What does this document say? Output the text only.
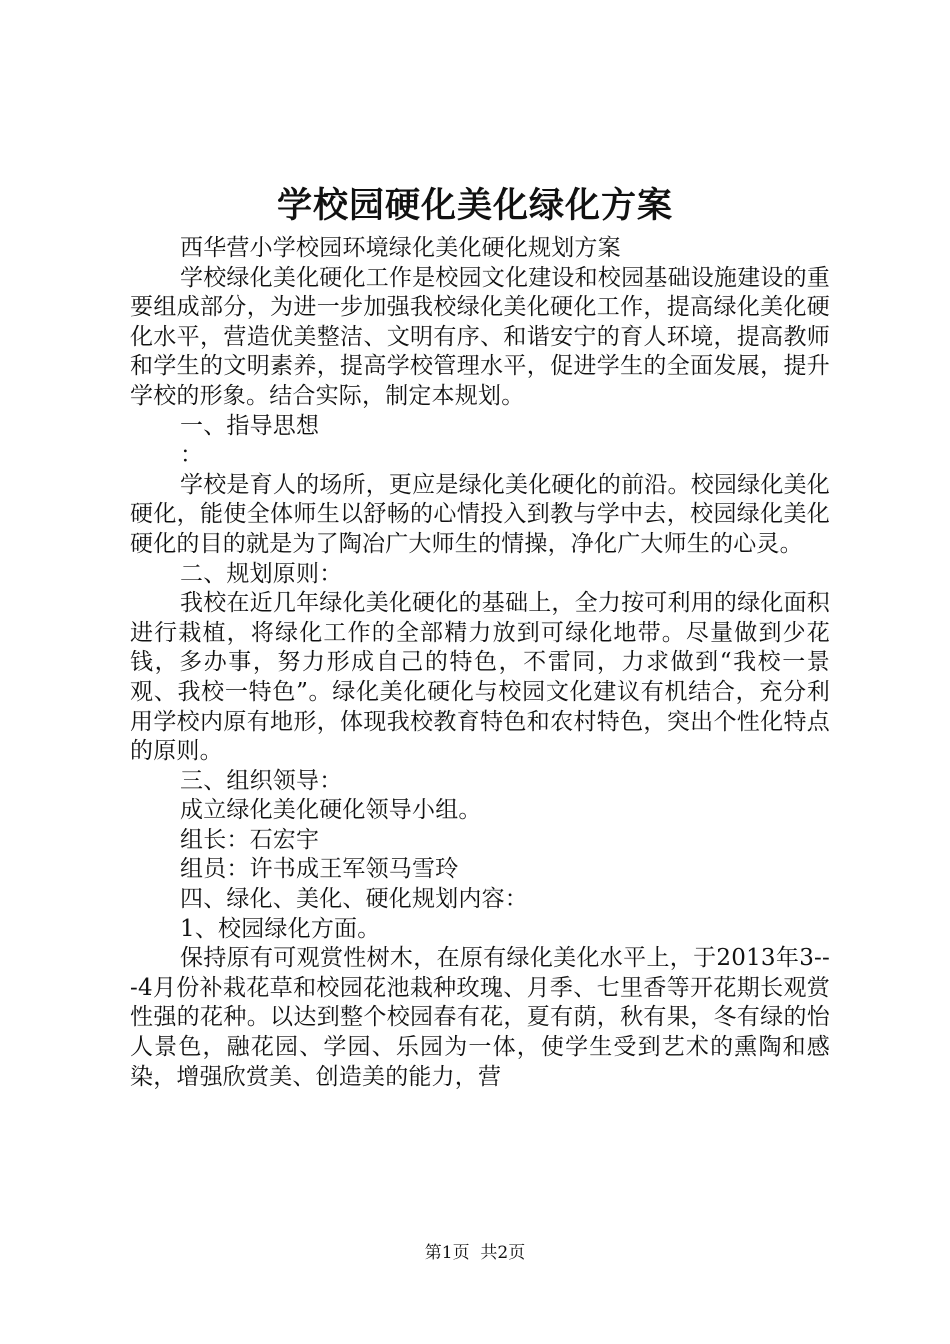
学校园硬化美化绿化方案

西华营小学校园环境绿化美化硬化规划方案

学校绿化美化硬化工作是校园文化建设和校园基础设施建设的重要组成部分，为进一步加强我校绿化美化硬化工作，提高绿化美化硬化水平，营造优美整洁、文明有序、和谐安宁的育人环境，提高教师和学生的文明素养，提高学校管理水平，促进学生的全面发展，提升学校的形象。结合实际，制定本规划。

一、指导思想

：

学校是育人的场所，更应是绿化美化硬化的前沿。校园绿化美化硬化，能使全体师生以舒畅的心情投入到教与学中去，校园绿化美化硬化的目的就是为了陶冶广大师生的情操，净化广大师生的心灵。

二、规划原则：

我校在近几年绿化美化硬化的基础上，全力按可利用的绿化面积进行栽植，将绿化工作的全部精力放到可绿化地带。尽量做到少花钱，多办事，努力形成自己的特色，不雷同，力求做到“我校一景观、我校一特色”。绿化美化硬化与校园文化建议有机结合，充分利用学校内原有地形，体现我校教育特色和农村特色，突出个性化特点的原则。

三、组织领导：

成立绿化美化硬化领导小组。

组长：石宏宇

组员：许书成王军领马雪玲

四、绿化、美化、硬化规划内容：

1、校园绿化方面。

保持原有可观赏性树木，在原有绿化美化水平上，于2013年3---4月份补栽花草和校园花池栽种玫瑰、月季、七里香等开花期长观赏性强的花种。以达到整个校园春有花，夏有荫，秋有果，冬有绿的怡人景色，融花园、学园、乐园为一体，使学生受到艺术的熏陶和感染，增强欣赏美、创造美的能力，营

第1页 共2页
